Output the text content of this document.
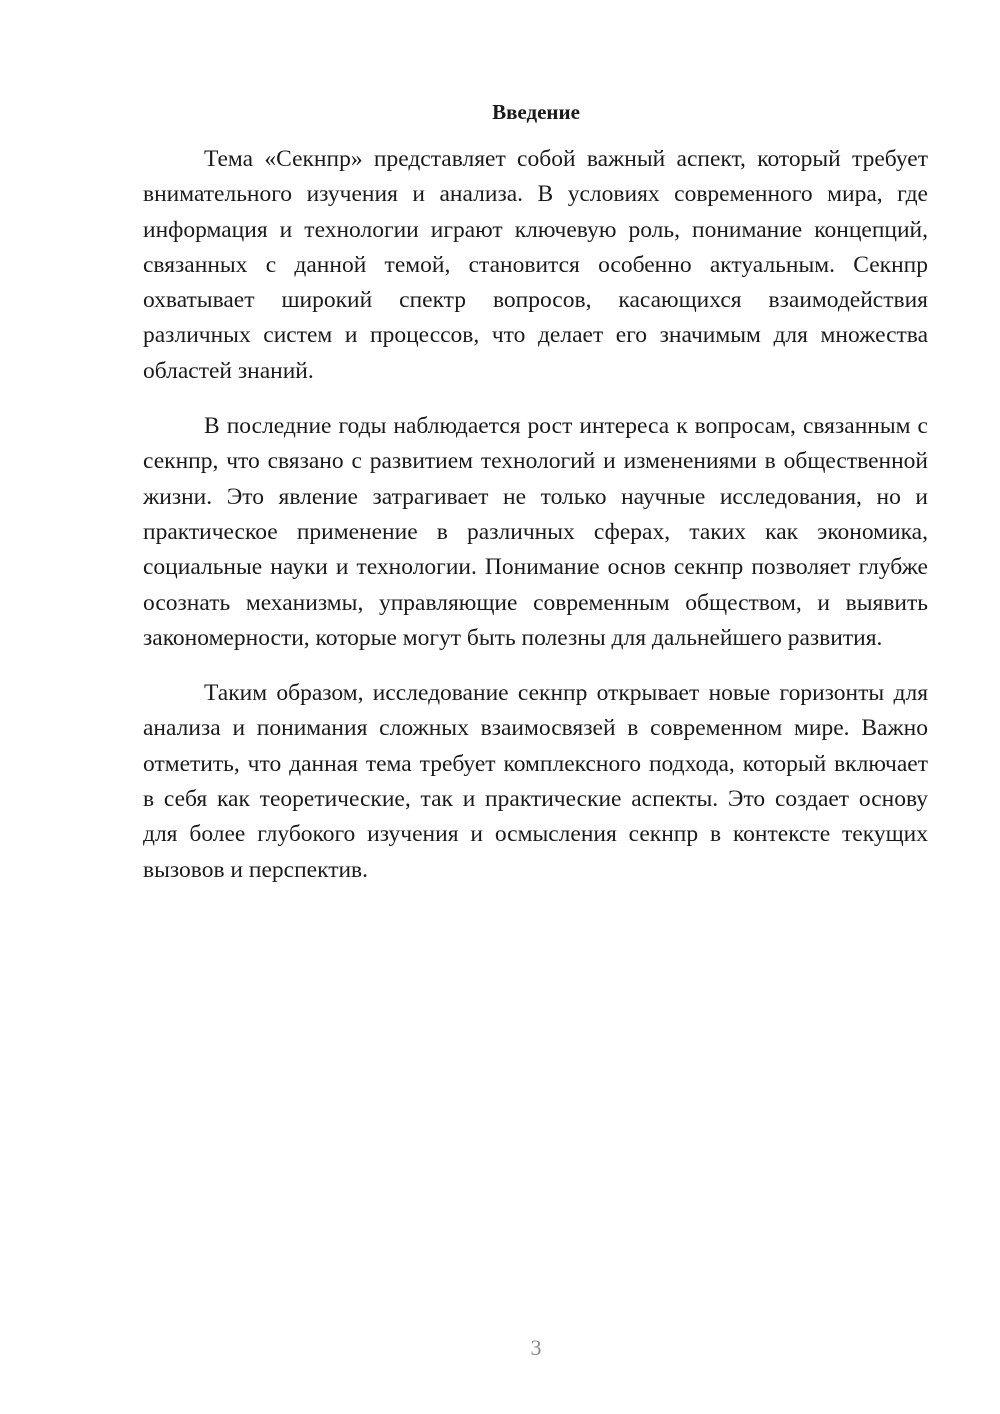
Введение

Тема «Секнпр» представляет собой важный аспект, который требует внимательного изучения и анализа. В условиях современного мира, где информация и технологии играют ключевую роль, понимание концепций, связанных с данной темой, становится особенно актуальным. Секнпр охватывает широкий спектр вопросов, касающихся взаимодействия различных систем и процессов, что делает его значимым для множества областей знаний.

В последние годы наблюдается рост интереса к вопросам, связанным с секнпр, что связано с развитием технологий и изменениями в общественной жизни. Это явление затрагивает не только научные исследования, но и практическое применение в различных сферах, таких как экономика, социальные науки и технологии. Понимание основ секнпр позволяет глубже осознать механизмы, управляющие современным обществом, и выявить закономерности, которые могут быть полезны для дальнейшего развития.

Таким образом, исследование секнпр открывает новые горизонты для анализа и понимания сложных взаимосвязей в современном мире. Важно отметить, что данная тема требует комплексного подхода, который включает в себя как теоретические, так и практические аспекты. Это создает основу для более глубокого изучения и осмысления секнпр в контексте текущих вызовов и перспектив.

3
